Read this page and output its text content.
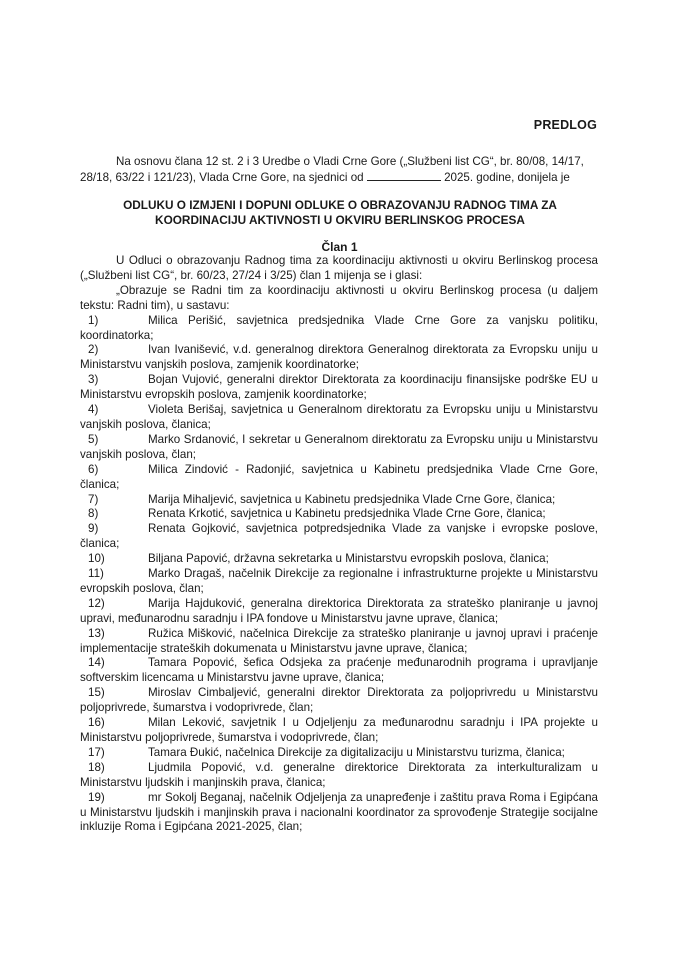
PREDLOG
Na osnovu člana 12 st. 2 i 3 Uredbe o Vladi Crne Gore („Službeni list CG“, br. 80/08, 14/17,
28/18, 63/22 i 121/23), Vlada Crne Gore, na sjednici od	2025. godine, donijela je
ODLUKU O IZMJENI I DOPUNI ODLUKE O OBRAZOVANJU RADNOG TIMA ZA
KOORDINACIJU AKTIVNOSTI U OKVIRU BERLINSKOG PROCESA
Član 1

U Odluci o obrazovanju Radnog tima za koordinaciju aktivnosti u okviru Berlinskog procesa („Službeni list CG“, br. 60/23, 27/24 i 3/25) član 1 mijenja se i glasi:

„Obrazuje se Radni tim za koordinaciju aktivnosti u okviru Berlinskog procesa (u daljem tekstu: Radni tim), u sastavu:

1)	Milica Perišić, savjetnica predsjednika Vlade Crne Gore za vanjsku politiku, koordinatorka;

2)	Ivan Ivanišević, v.d. generalnog direktora Generalnog direktorata za Evropsku uniju u Ministarstvu vanjskih poslova, zamjenik koordinatorke;

3)	Bojan Vujović, generalni direktor Direktorata za koordinaciju finansijske podrške EU u Ministarstvu evropskih poslova, zamjenik koordinatorke;

4)	Violeta Berišaj, savjetnica u Generalnom direktoratu za Evropsku uniju u Ministarstvu vanjskih poslova, članica;

5)	Marko Srdanović, I sekretar u Generalnom direktoratu za Evropsku uniju u Ministarstvu vanjskih poslova, član;

6)	Milica Zindović - Radonjić, savjetnica u Kabinetu predsjednika Vlade Crne Gore, članica;

7)	Marija Mihaljević, savjetnica u Kabinetu predsjednika Vlade Crne Gore, članica;

8)	Renata Krkotić, savjetnica u Kabinetu predsjednika Vlade Crne Gore, članica;

9)	Renata Gojković, savjetnica potpredsjednika Vlade za vanjske i evropske poslove, članica;

10)	Biljana Papović, državna sekretarka u Ministarstvu evropskih poslova, članica;

11)	Marko Dragaš, načelnik Direkcije za regionalne i infrastrukturne projekte u Ministarstvu evropskih poslova, član;

12)	Marija Hajduković, generalna direktorica Direktorata za strateško planiranje u javnoj upravi, međunarodnu saradnju i IPA fondove u Ministarstvu javne uprave, članica;

13)	Ružica Mišković, načelnica Direkcije za strateško planiranje u javnoj upravi i praćenje implementacije strateških dokumenata u Ministarstvu javne uprave, članica;

14)	Tamara Popović, šefica Odsjeka za praćenje međunarodnih programa i upravljanje softverskim licencama u Ministarstvu javne uprave, članica;

15)	Miroslav Cimbaljević, generalni direktor Direktorata za poljoprivredu u Ministarstvu poljoprivrede, šumarstva i vodoprivrede, član;

16)	Milan Leković, savjetnik I u Odjeljenju za međunarodnu saradnju i IPA projekte u Ministarstvu poljoprivrede, šumarstva i vodoprivrede, član;

17)	Tamara Đukić, načelnica Direkcije za digitalizaciju u Ministarstvu turizma, članica;

18)	Ljudmila Popović, v.d. generalne direktorice Direktorata za interkulturalizam u Ministarstvu ljudskih i manjinskih prava, članica;

19)	mr Sokolj Beganaj, načelnik Odjeljenja za unapređenje i zaštitu prava Roma i Egipćana u Ministarstvu ljudskih i manjinskih prava i nacionalni koordinator za sprovođenje Strategije socijalne inkluzije Roma i Egipćana 2021-2025, član;
